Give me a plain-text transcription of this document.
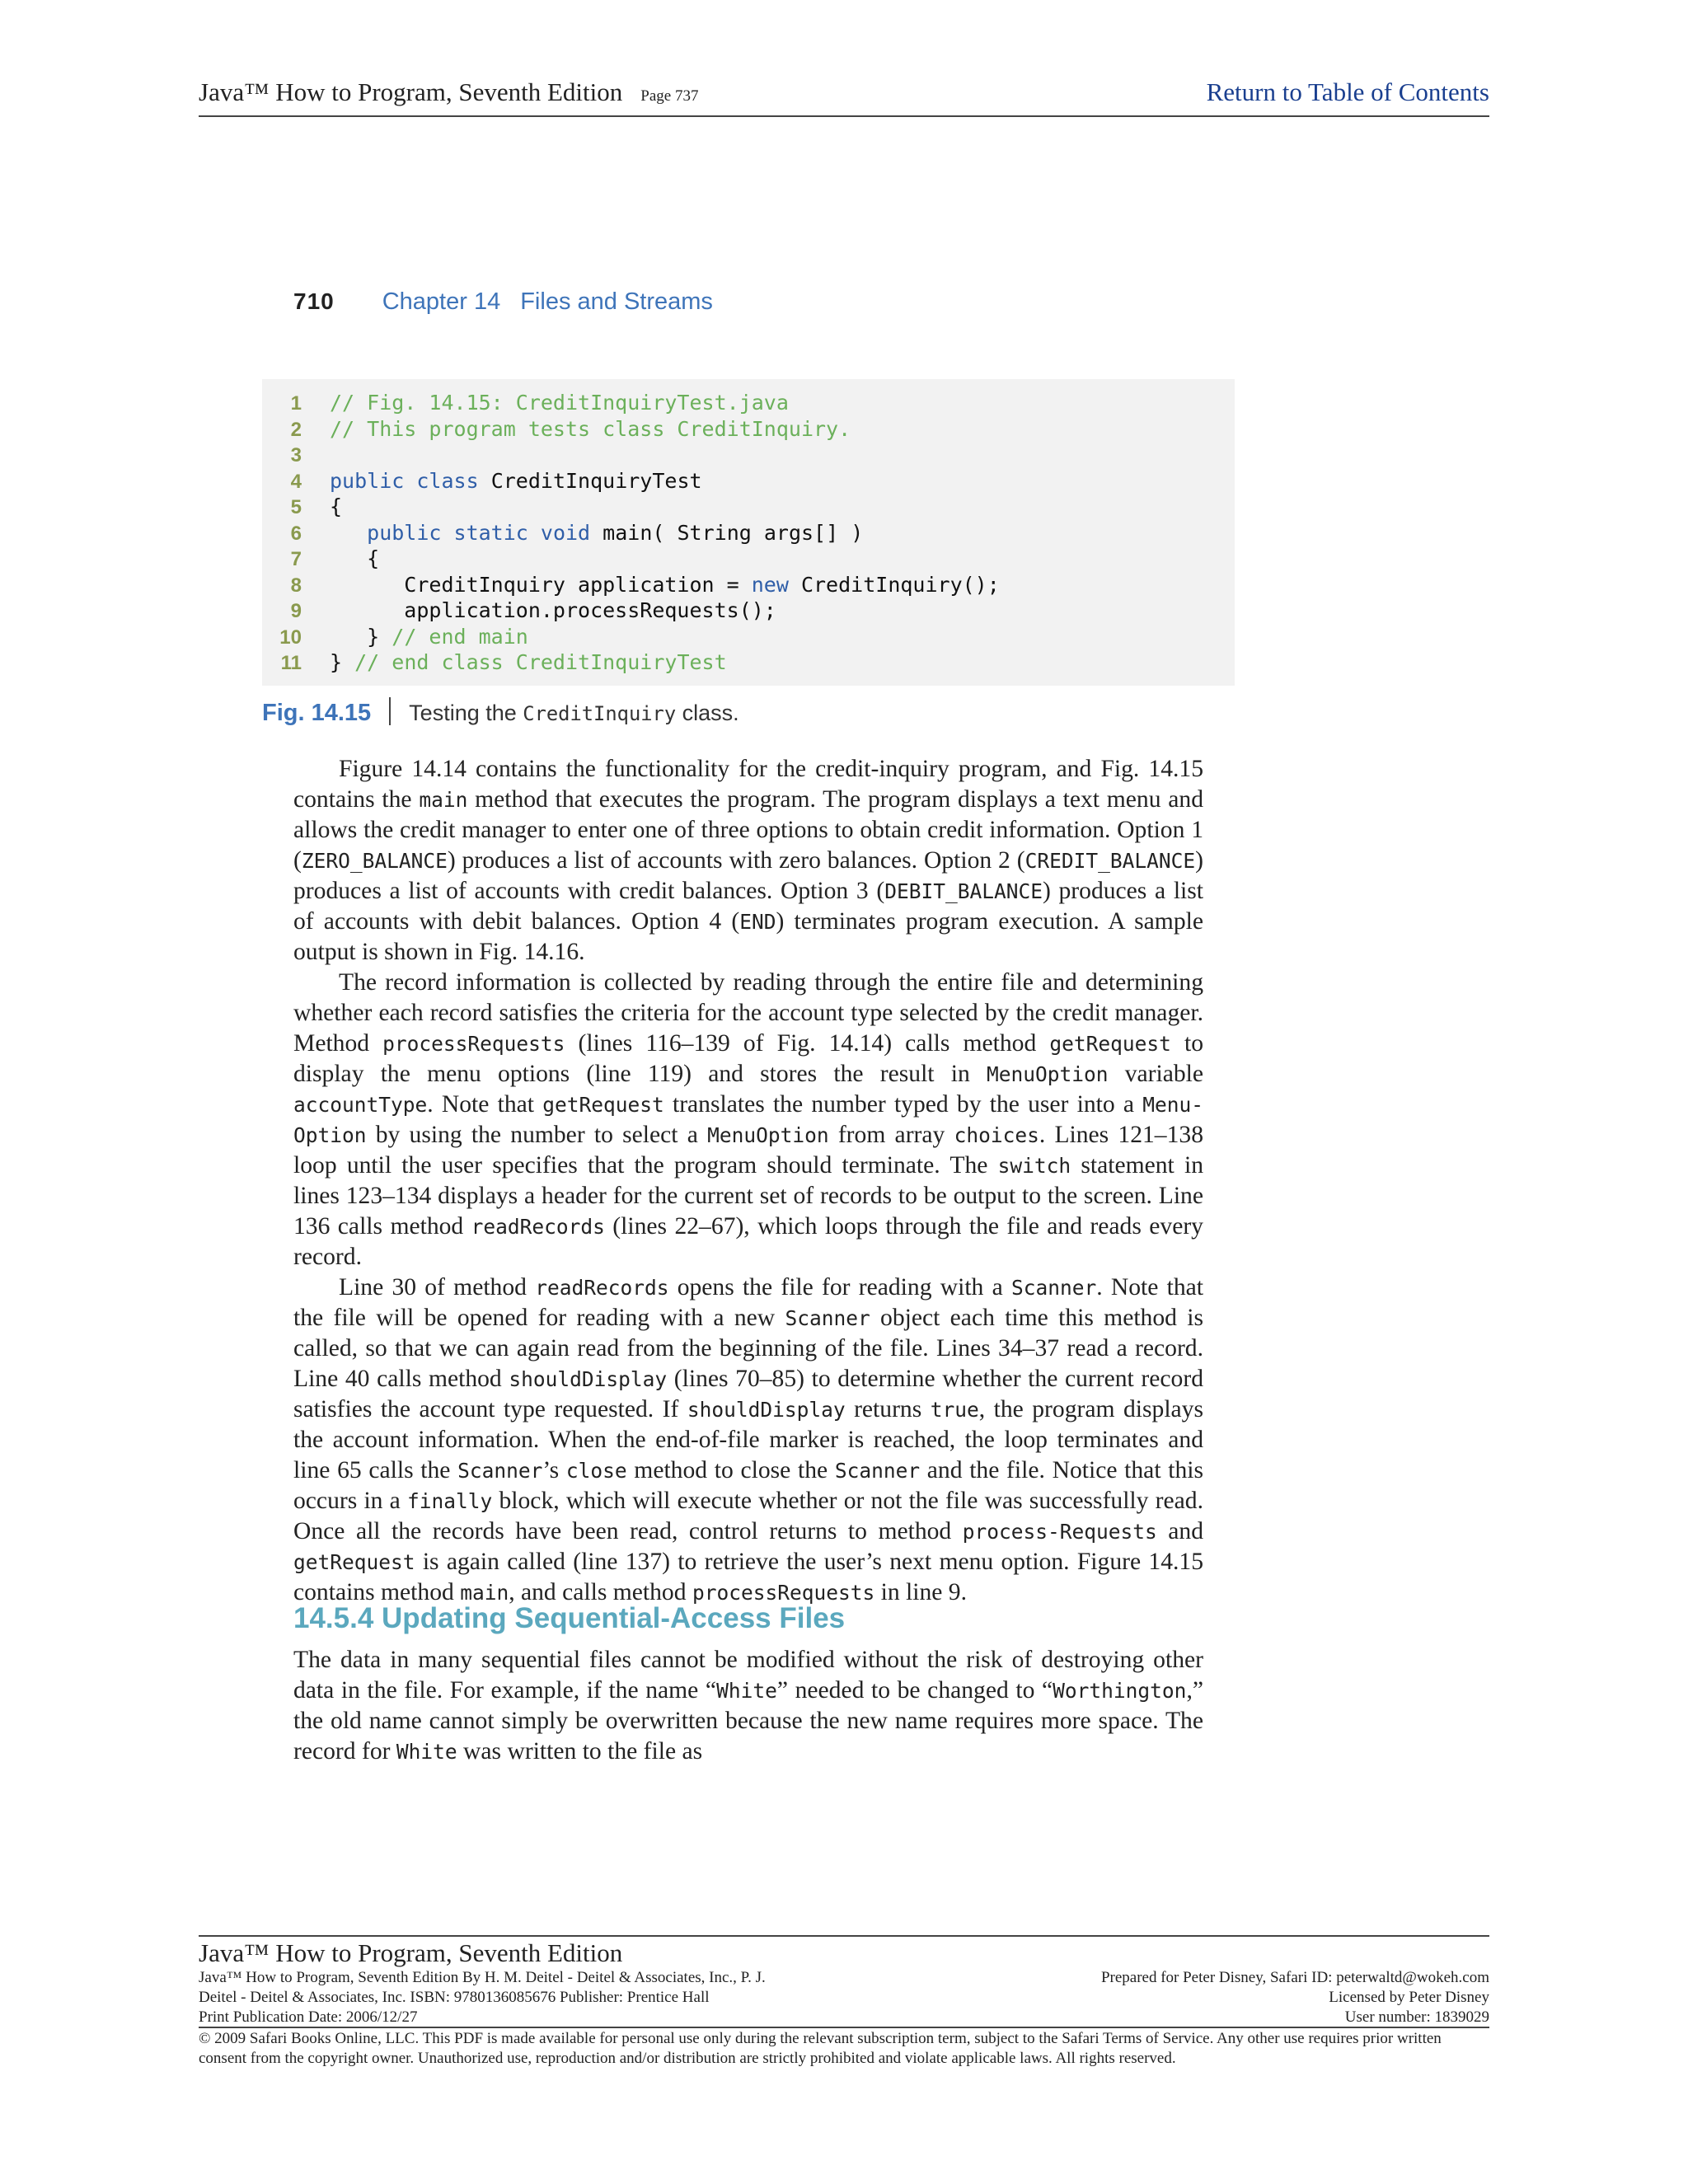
Java™ How to Program, Seventh Edition Page 737	Return to Table of Contents
710 Chapter 14 Files and Streams
1 // Fig. 14.15: CreditInquiryTest.java
2 // This program tests class CreditInquiry.
3
4 public class CreditInquiryTest
5 {
6	public static void main( String args[] )
7   {
8      CreditInquiry application = new CreditInquiry();
9      application.processRequests();
10   } // end main
11 } // end class CreditInquiryTest
Fig. 14.15 Testing the CreditInquiry class.

Figure 14.14 contains the functionality for the credit-inquiry program, and Fig. 14.15 contains the main method that executes the program. The program displays a text menu and allows the credit manager to enter one of three options to obtain credit information. Option 1 (ZERO_BALANCE) produces a list of accounts with zero balances. Option 2 (CREDIT_BALANCE) produces a list of accounts with credit balances. Option 3 (DEBIT_BALANCE) produces a list of accounts with debit balances. Option 4 (END) terminates program execution. A sample output is shown in Fig. 14.16.

The record information is collected by reading through the entire file and determining whether each record satisfies the criteria for the account type selected by the credit manager. Method processRequests (lines 116–139 of Fig. 14.14) calls method getRequest to display the menu options (line 119) and stores the result in MenuOption variable accountType. Note that getRequest translates the number typed by the user into a Menu-Option by using the number to select a MenuOption from array choices. Lines 121–138 loop until the user specifies that the program should terminate. The switch statement in lines 123–134 displays a header for the current set of records to be output to the screen. Line 136 calls method readRecords (lines 22–67), which loops through the file and reads every record.

Line 30 of method readRecords opens the file for reading with a Scanner. Note that the file will be opened for reading with a new Scanner object each time this method is called, so that we can again read from the beginning of the file. Lines 34–37 read a record. Line 40 calls method shouldDisplay (lines 70–85) to determine whether the current record satisfies the account type requested. If shouldDisplay returns true, the program displays the account information. When the end-of-file marker is reached, the loop terminates and line 65 calls the Scanner’s close method to close the Scanner and the file. Notice that this occurs in a finally block, which will execute whether or not the file was successfully read. Once all the records have been read, control returns to method process-Requests and getRequest is again called (line 137) to retrieve the user’s next menu option. Figure 14.15 contains method main, and calls method processRequests in line 9.

14.5.4 Updating Sequential-Access Files

The data in many sequential files cannot be modified without the risk of destroying other data in the file. For example, if the name “White” needed to be changed to “Worthington,” the old name cannot simply be overwritten because the new name requires more space. The record for White was written to the file as

Java™ How to Program, Seventh Edition
Java™ How to Program, Seventh Edition By H. M. Deitel - Deitel & Associates, Inc., P. J.
Deitel - Deitel & Associates, Inc. ISBN: 9780136085676 Publisher: Prentice Hall
Print Publication Date: 2006/12/27
Prepared for Peter Disney, Safari ID: peterwaltd@wokeh.com
Licensed by Peter Disney
User number: 1839029
© 2009 Safari Books Online, LLC. This PDF is made available for personal use only during the relevant subscription term, subject to the Safari Terms of Service. Any other use requires prior written consent from the copyright owner. Unauthorized use, reproduction and/or distribution are strictly prohibited and violate applicable laws. All rights reserved.
